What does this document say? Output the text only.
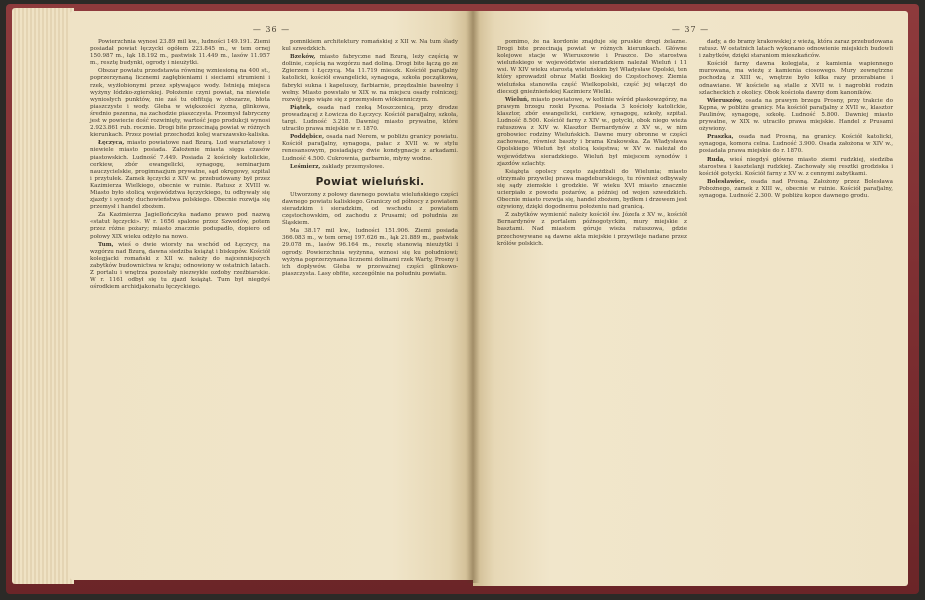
— 36 —

Powierzchnia wynosi 23.89 mil kw., ludności 149.191. Ziemi posiadał powiat łęczycki ogółem 223.845 m., w tem ornej 150.987 m., łąk 18.192 m., pastwisk 11.449 m., lasów 11.957 m., resztę budynki, ogrody i nieużytki.

Obszar powiatu przedstawia równinę wzniesioną na 400 st., poprzerzynaną licznemi zagłębieniami i sieciami strumieni i rzek, wyżłobionymi przez spływające wody. Istnieją miejsca wyżyny łódzko-zgierskiej. Położenie czyni powiat, na niewiele wyniosłych punktów, nie zaś tu obfitują w obszarze, błota piaszczyste i wody. Gleba w większości żyzna, glinkowa, średnio pszenna, na zachodzie piaszczysta. Przemysł fabryczny jest w powiecie dość rozwinięty, wartość jego produkcji wynosi 2.923.861 rub. rocznie. Drogi bite przecinają powiat w różnych kierunkach. Przez powiat przechodzi kolej warszawsko-kaliska.

Łęczyca, miasto powiatowe nad Bzurą. Lud warsztatowy i niewiele miasto posiada. Założenie miasta sięga czasów piastowskich. Ludność 7.449. Posiada 2 kościoły katolickie, cerkiew, zbór ewangelicki, synagogę, seminarjum nauczycielskie, progimnazjum prywatne, sąd okręgowy, szpital i przytułek. Zamek łęczycki z XIV w. przebudowany był przez Kazimierza Wielkiego, obecnie w ruinie. Ratusz z XVIII w. Miasto było stolicą województwa łęczyckiego, tu odbywały się zjazdy i synody duchowieństwa polskiego. Obecnie rozwija się przemysł i handel zbożem.

Za Kazimierza Jagiellończyka nadano prawo pod nazwą «statut łęczycki». W r. 1656 spalone przez Szwedów, potem przez różne pożary; miasto znacznie podupadło, dopiero od połowy XIX wieku odżyło na nowo.

Tum, wieś o dwie wiorsty na wschód od Łęczycy, na wzgórzu nad Bzurą, dawna siedziba książąt i biskupów. Kościół kolegjacki romański z XII w. należy do najcenniejszych zabytków budownictwa w kraju; odnowiony w ostatnich latach. Z portalu i wnętrza pozostały niezwykłe ozdoby rzeźbiarskie. W r. 1161 odbył się tu zjazd książąt. Tum był niegdyś ośrodkiem archidjakonatu łęczyckiego.

pomnikiem architektury romańskiej z XII w. Na tum ślady kul szwedzkich.

Bzeków, miasto fabryczne nad Bzurą, leży częścią w dolinie, częścią na wzgórzu nad doliną. Drogi bite łączą go ze Zgierzem i Łęczycą. Ma 11.719 mieszk. Kościół parafjalny katolicki, kościół ewangelicki, synagoga, szkoła początkowa, fabryki sukna i kapeluszy, farbiarnie, przędzalnie bawełny i wełny. Miasto powstało w XIX w. na miejscu osady rolniczej; rozwój jego wiąże się z przemysłem włókienniczym.

Piątek, osada nad rzeką Moszczenicą, przy drodze prowadzącej z Łowicza do Łęczycy. Kościół parafjalny, szkoła, targi. Ludność 3.218. Dawniej miasto prywatne, które utraciło prawa miejskie w r. 1870.

Poddębice, osada nad Nerem, w pobliżu granicy powiatu. Kościół parafjalny, synagoga, pałac z XVII w. w stylu renesansowym, posiadający dwie kondygnacje z arkadami. Ludność 4.500. Cukrownia, garbarnie, młyny wodne.

Leśmierz, zakłady przemysłowe.

Powiat wieluński.

Utworzony z połowy dawnego powiatu wieluńskiego części dawnego powiatu kaliskiego. Graniczy od północy z powiatem sieradzkim i sieradzkim, od wschodu z powiatem częstochowskim, od zachodu z Prusami; od południa ze Śląskiem.

Ma 38.17 mil kw., ludności 151.906. Ziemi posiada 366.083 m., w tem ornej 197.626 m., łąk 21.889 m., pastwisk 29.078 m., lasów 96.164 m., resztę stanowią nieużytki i ogrody. Powierzchnia wyżynna, wznosi się ku południowi; wyżyna poprzerzynana licznemi dolinami rzek Warty, Prosny i ich dopływów. Gleba w przeważnej części glinkowo-piaszczysta. Lasy obfite, szczególnie na południu powiatu.

— 37 —

pomimo, że na kordonie znajduje się pruskie drogi żelazne. Drogi bite przecinają powiat w różnych kierunkach. Główne kolejowe stacje w Wieruszowie i Praszce. Do starostwa wieluńskiego w województwie sieradzkiem należał Wieluń i 11 wsi. W XIV wieku starostą wieluńskim był Władysław Opolski, ten który sprowadził obraz Matki Boskiej do Częstochowy. Ziemia wieluńska stanowiła część Wielkopolski, część jej włączył do diecezji gnieźnieńskiej Kazimierz Wielki.

Wieluń, miasto powiatowe, w kotlinie wśród płaskowzgórzy, na prawym brzegu rzeki Pyszna. Posiada 3 kościoły katolickie, klasztor, zbór ewangelicki, cerkiew, synagogę, szkoły, szpital. Ludność 8.500. Kościół farny z XIV w., gotycki, obok niego wieża ratuszowa z XIV w. Klasztor Bernardynów z XV w., w nim grobowiec rodziny Wieluńskich. Dawne mury obronne w części zachowane, również baszty i brama Krakowska. Za Władysława Opolskiego Wieluń był stolicą księstwa; w XV w. należał do województwa sieradzkiego. Wieluń był miejscem synodów i zjazdów szlachty.

Książęta opolscy często zajeżdżali do Wielunia; miasto otrzymało przywilej prawa magdeburskiego, tu również odbywały się sądy ziemskie i grodzkie. W wieku XVI miasto znacznie ucierpiało z powodu pożarów, a później od wojen szwedzkich. Obecnie miasto rozwija się, handel zbożem, bydłem i drzewem jest ożywiony, dzięki dogodnemu położeniu nad granicą.

Z zabytków wymienić należy kościół św. Józefa z XV w., kościół Bernardynów z portalem późnogotyckim, mury miejskie z basztami. Nad miastem góruje wieża ratuszowa, gdzie przechowywane są dawne akta miejskie i przywileje nadane przez królów polskich.

dady, a do bramy krakowskiej z wieżą, która zaraz przebudowana ratusz. W ostatnich latach wykonano odnowienie miejskich budowli i zabytków, dzięki staraniom mieszkańców.

Kościół farny dawna kolegjata, z kamienia wapiennego murowana, ma wieżę z kamienia ciosowego. Mury zewnętrzne pochodzą z XIII w., wnętrze było kilka razy przerabiane i odnawiane. W kościele są stalle z XVII w. i nagrobki rodzin szlacheckich z okolicy. Obok kościoła dawny dom kanoników.

Wieruszów, osada na prawym brzegu Prosny, przy trakcie do Kępna, w pobliżu granicy. Ma kościół parafjalny z XVII w., klasztor Paulinów, synagogę, szkołę. Ludność 5.800. Dawniej miasto prywatne, w XIX w. utraciło prawa miejskie. Handel z Prusami ożywiony.

Praszka, osada nad Prosną, na granicy. Kościół katolicki, synagoga, komora celna. Ludność 3.900. Osada założona w XIV w., posiadała prawa miejskie do r. 1870.

Ruda, wieś niegdyś główne miasto ziemi rudzkiej, siedziba starostwa i kasztelanji rudzkiej. Zachowały się resztki grodziska i kościół gotycki. Kościół farny z XV w. z cennymi zabytkami.

Bolesławiec, osada nad Prosną. Założony przez Bolesława Pobożnego, zamek z XIII w., obecnie w ruinie. Kościół parafjalny, synagoga. Ludność 2.300. W pobliżu kopce dawnego grodu.
